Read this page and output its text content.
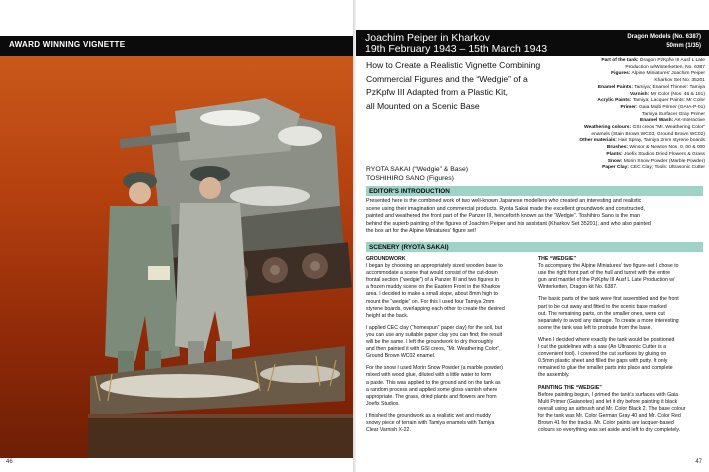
AWARD WINNING VIGNETTE
46
Joachim Peiper in Kharkov
19th February 1943 – 15th March 1943
Dragon Models (No. 6387)
50mm (1/35)
How to Create a Realistic Vignette Combining
Commercial Figures and the “Wedgie” of a
PzKpfw III Adapted from a Plastic Kit,
all Mounted on a Scenic Base
RYOTA SAKAI (“Wedgie” & Base)
TOSHIHIRO SANO (Figures)
Part of the tank: Dragon PzKpfw III Ausf L Late
Production w/Winterketten, No. 6387
Figures: Alpine Miniatures’ Joachim Peiper
Kharkov Set No. 35201
Enamel Paints: Tamiya; Enamel Thinner: Tamiya
Varnish: Mr Color (Nos. 46 & 181)
Acrylic Paints: Tamiya; Lacquer Paints: Mr Color
Primer: Gaia Multi Primer (GAIA-P-01)
Tamiya Surfacer Gray Primer
Enamel Wash: AK-Interactive
Weathering colours: GSI creos “Mr. Weathering Color”
enamels (Stain Brown WC03, Ground Brown WC02)
Other materials: Hair Spray, Tamiya 2mm styrene boards
Brushes: Winsor & Newton Nos. 0, 00 & 000
Plants: Joefix Studios Dried Flowers & Grass
Snow: Morin Snow Powder (Marble Powder)
Paper Clay: CEC Clay; Tools: Ultrasonic Cutter
EDITOR’S INTRODUCTION
Presented here is the combined work of two well-known Japanese modellers who created an interesting and realistic
scene using their imagination and commercial products. Ryota Sakai made the excellent groundwork and constructed,
painted and weathered the front part of the Panzer III, henceforth known as the “Wedgie”. Toshihiro Sano is the man
behind the superb painting of the figures of Joachim Peiper and his assistant (Kharkov Set 35201), and who also painted
the box art for the Alpine Miniatures’ figure set!
SCENERY (RYOTA SAKAI)
GROUNDWORK
I began by choosing an appropriately sized wooden base to
accommodate a scene that would consist of the cut-down
frontal section (“wedgie”) of a Panzer III and two figures in
a frozen muddy scene on the Eastern Front in the Kharkov
area. I decided to make a small slope, about 8mm high to
mount the “wedgie” on. For this I used four Tamiya 2mm
styrene boards, overlapping each other to create the desired
height at the back.
I applied CEC clay (“homespun” paper clay) for the soil, but
you can use any suitable paper clay you can find; the result
will be the same. I left the groundwork to dry thoroughly
and then painted it with GSI creos, “Mr. Weathering Color”,
Ground Brown WC02 enamel.
For the snow I used Morin Snow Powder (a marble powder)
mixed with wood glue, diluted with a little water to form
a paste. This was applied to the ground and on the tank as
a random process and applied some gloss varnish where
appropriate. The grass, dried plants and flowers are from
Joefix Studios.
I finished the groundwork as a realistic wet and muddy
snowy piece of terrain with Tamiya enamels with Tamiya
Clear Varnish X-22.
THE “WEDGIE”
To accompany the Alpine Miniatures’ two figure-set I chose to
use the right front part of the hull and turret with the entire
gun and mantlet of the PzKpfw III Ausf L Late Production w/
Winterketten, Dragon kit No. 6387.
The basic parts of the tank were first assembled and the front
part to be cut away and fitted to the scenic base marked
out. The remaining parts, on the smaller ones, were cut
separately to avoid any damage. To create a more interesting
scene the tank was left to protrude from the base.
When I decided where exactly the tank would be positioned
I cut the guidelines with a saw (An Ultrasonic Cutter is a
convenient tool). I covered the cut surfaces by gluing on
0.5mm plastic sheet and filled the gaps with putty. It only
remained to glue the smaller parts into place and complete
the assembly.
PAINTING THE “WEDGIE”
Before painting begun, I primed the tank’s surfaces with Gaia
Multi Primer (Gaianotes) and let it dry before painting it black
overall using an airbrush and Mr. Color Black 2. The base colour
for the tank was Mr. Color German Gray 40 and Mr. Color Red
Brown 41 for the tracks. Mr. Color paints are lacquer-based
colours so everything was set aside and left to dry completely.
47
